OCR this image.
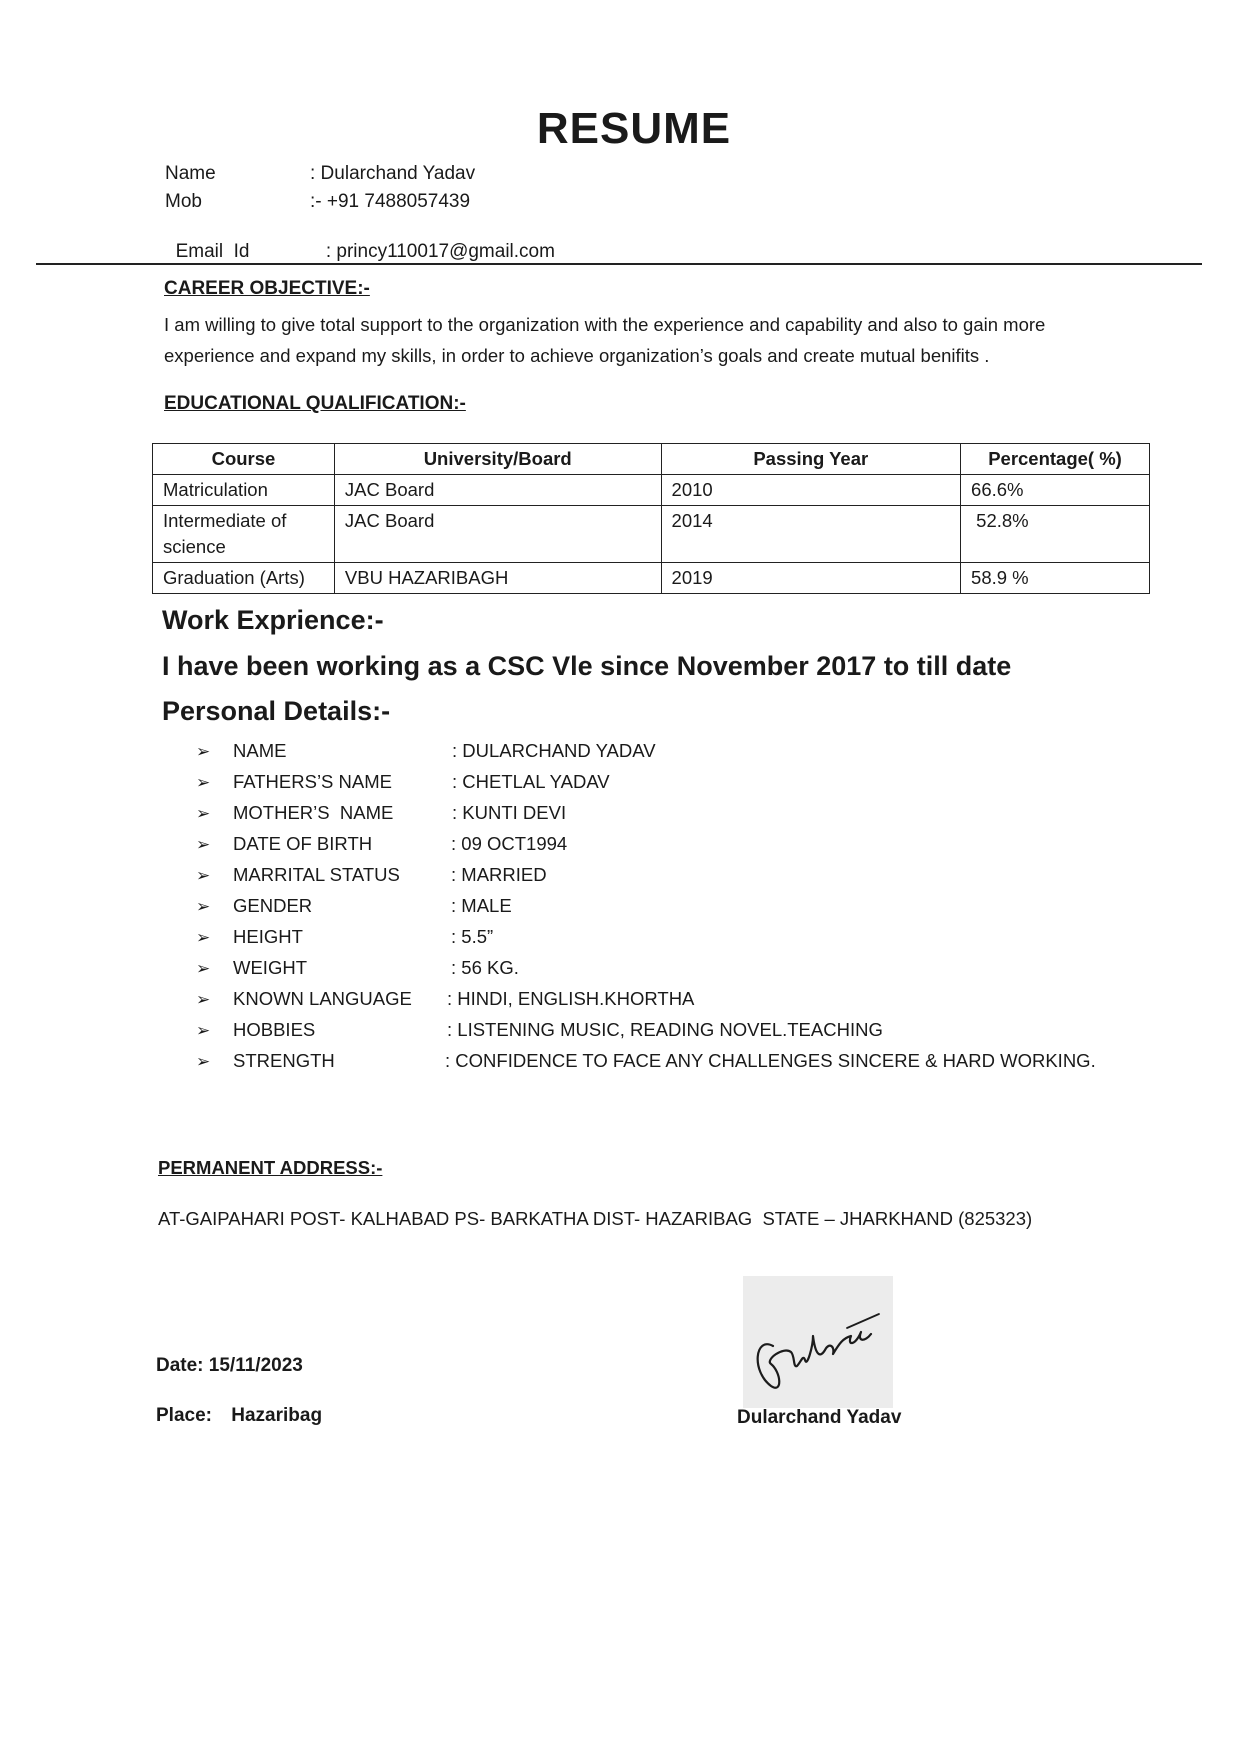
RESUME
Name	: Dularchand Yadav
Mob	:- +91 7488057439

Email  Id	: princy110017@gmail.com

CAREER OBJECTIVE:-
I am willing to give total support to the organization with the experience and capability and also to gain more
experience and expand my skills, in order to achieve organization’s goals and create mutual benifits .
EDUCATIONAL QUALIFICATION:-
Course	University/Board	Passing Year	Percentage( %)
Matriculation	JAC Board	2010	66.6%
Intermediate of science	JAC Board	2014	52.8%
Graduation (Arts)	VBU HAZARIBAGH	2019	58.9 %
Work Exprience:-
I have been working as a CSC Vle since November 2017 to till date
Personal Details:-
➢ NAME	: DULARCHAND YADAV
➢ FATHERS’S NAME	: CHETLAL YADAV
➢ MOTHER’S  NAME	: KUNTI DEVI
➢ DATE OF BIRTH	: 09 OCT1994
➢ MARRITAL STATUS	: MARRIED
➢ GENDER	: MALE
➢ HEIGHT	: 5.5”
➢ WEIGHT	: 56 KG.
➢ KNOWN LANGUAGE : HINDI, ENGLISH.KHORTHA
➢ HOBBIES	: LISTENING MUSIC, READING NOVEL.TEACHING
➢ STRENGTH	: CONFIDENCE TO FACE ANY CHALLENGES SINCERE & HARD WORKING.
PERMANENT ADDRESS:-
AT-GAIPAHARI POST- KALHABAD PS- BARKATHA DIST- HAZARIBAG  STATE – JHARKHAND (825323)
Date: 15/11/2023
Place: Hazaribag	Dularchand Yadav
